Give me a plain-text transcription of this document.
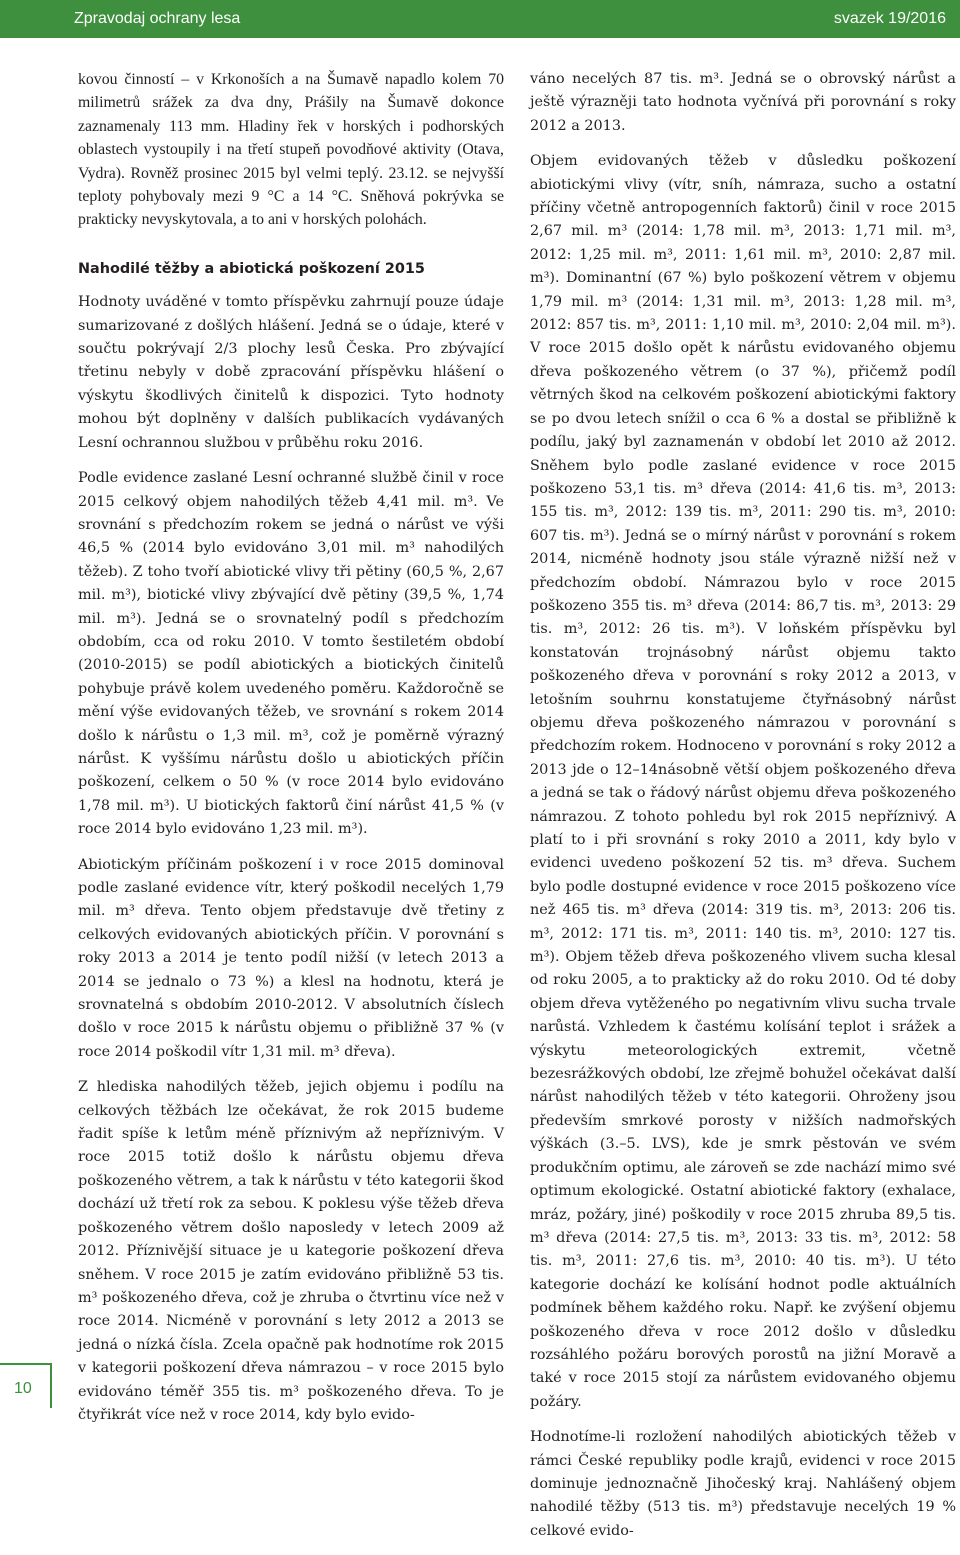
Zpravodaj ochrany lesa	svazek 19/2016

kovou činností – v Krkonoších a na Šumavě napadlo kolem 70 milimetrů srážek za dva dny, Prášily na Šumavě dokonce zaznamenaly 113 mm. Hladiny řek v horských i podhorských oblastech vystoupily i na třetí stupeň povodňové aktivity (Otava, Vydra). Rovněž prosinec 2015 byl velmi teplý. 23.12. se nejvyšší teploty pohybovaly mezi 9 °C a 14 °C. Sněhová pokrývka se prakticky nevyskytovala, a to ani v horských polohách.

Nahodilé těžby a abiotická poškození 2015

Hodnoty uváděné v tomto příspěvku zahrnují pouze údaje sumarizované z došlých hlášení. Jedná se o údaje, které v součtu pokrývají 2/3 plochy lesů Česka. Pro zbývající třetinu nebyly v době zpracování příspěvku hlášení o výskytu škodlivých činitelů k dispozici. Tyto hodnoty mohou být doplněny v dalších publikacích vydávaných Lesní ochrannou službou v průběhu roku 2016.

Podle evidence zaslané Lesní ochranné službě činil v roce 2015 celkový objem nahodilých těžeb 4,41 mil. m³. Ve srovnání s předchozím rokem se jedná o nárůst ve výši 46,5 % (2014 bylo evidováno 3,01 mil. m³ nahodilých těžeb). Z toho tvoří abiotické vlivy tři pětiny (60,5 %, 2,67 mil. m³), biotické vlivy zbývající dvě pětiny (39,5 %, 1,74 mil. m³). Jedná se o srovnatelný podíl s předchozím obdobím, cca od roku 2010. V tomto šestiletém období (2010-2015) se podíl abiotických a biotických činitelů pohybuje právě kolem uvedeného poměru. Každoročně se mění výše evidovaných těžeb, ve srovnání s rokem 2014 došlo k nárůstu o 1,3 mil. m³, což je poměrně výrazný nárůst. K vyššímu nárůstu došlo u abiotických příčin poškození, celkem o 50 % (v roce 2014 bylo evidováno 1,78 mil. m³). U biotických faktorů činí nárůst 41,5 % (v roce 2014 bylo evidováno 1,23 mil. m³).

Abiotickým příčinám poškození i v roce 2015 dominoval podle zaslané evidence vítr, který poškodil necelých 1,79 mil. m³ dřeva. Tento objem představuje dvě třetiny z celkových evidovaných abiotických příčin. V porovnání s roky 2013 a 2014 je tento podíl nižší (v letech 2013 a 2014 se jednalo o 73 %) a klesl na hodnotu, která je srovnatelná s obdobím 2010-2012. V absolutních číslech došlo v roce 2015 k nárůstu objemu o přibližně 37 % (v roce 2014 poškodil vítr 1,31 mil. m³ dřeva).

Z hlediska nahodilých těžeb, jejich objemu i podílu na celkových těžbách lze očekávat, že rok 2015 budeme řadit spíše k letům méně příznivým až nepříznivým. V roce 2015 totiž došlo k nárůstu objemu dřeva poškozeného větrem, a tak k nárůstu v této kategorii škod dochází už třetí rok za sebou. K poklesu výše těžeb dřeva poškozeného větrem došlo naposledy v letech 2009 až 2012. Příznivější situace je u kategorie poškození dřeva sněhem. V roce 2015 je zatím evidováno přibližně 53 tis. m³ poškozeného dřeva, což je zhruba o čtvrtinu více než v roce 2014. Nicméně v porovnání s lety 2012 a 2013 se jedná o nízká čísla. Zcela opačně pak hodnotíme rok 2015 v kategorii poškození dřeva námrazou – v roce 2015 bylo evidováno téměř 355 tis. m³ poškozeného dřeva. To je čtyřikrát více než v roce 2014, kdy bylo evido-

váno necelých 87 tis. m³. Jedná se o obrovský nárůst a ještě výrazněji tato hodnota vyčnívá při porovnání s roky 2012 a 2013.

Objem evidovaných těžeb v důsledku poškození abiotickými vlivy (vítr, sníh, námraza, sucho a ostatní příčiny včetně antropogenních faktorů) činil v roce 2015 2,67 mil. m³ (2014: 1,78 mil. m³, 2013: 1,71 mil. m³, 2012: 1,25 mil. m³, 2011: 1,61 mil. m³, 2010: 2,87 mil. m³). Dominantní (67 %) bylo poškození větrem v objemu 1,79 mil. m³ (2014: 1,31 mil. m³, 2013: 1,28 mil. m³, 2012: 857 tis. m³, 2011: 1,10 mil. m³, 2010: 2,04 mil. m³). V roce 2015 došlo opět k nárůstu evidovaného objemu dřeva poškozeného větrem (o 37 %), přičemž podíl větrných škod na celkovém poškození abiotickými faktory se po dvou letech snížil o cca 6 % a dostal se přibližně k podílu, jaký byl zaznamenán v období let 2010 až 2012. Sněhem bylo podle zaslané evidence v roce 2015 poškozeno 53,1 tis. m³ dřeva (2014: 41,6 tis. m³, 2013: 155 tis. m³, 2012: 139 tis. m³, 2011: 290 tis. m³, 2010: 607 tis. m³). Jedná se o mírný nárůst v porovnání s rokem 2014, nicméně hodnoty jsou stále výrazně nižší než v předchozím období. Námrazou bylo v roce 2015 poškozeno 355 tis. m³ dřeva (2014: 86,7 tis. m³, 2013: 29 tis. m³, 2012: 26 tis. m³). V loňském příspěvku byl konstatován trojnásobný nárůst objemu takto poškozeného dřeva v porovnání s roky 2012 a 2013, v letošním souhrnu konstatujeme čtyřnásobný nárůst objemu dřeva poškozeného námrazou v porovnání s předchozím rokem. Hodnoceno v porovnání s roky 2012 a 2013 jde o 12–14násobně větší objem poškozeného dřeva a jedná se tak o řádový nárůst objemu dřeva poškozeného námrazou. Z tohoto pohledu byl rok 2015 nepříznivý. A platí to i při srovnání s roky 2010 a 2011, kdy bylo v evidenci uvedeno poškození 52 tis. m³ dřeva. Suchem bylo podle dostupné evidence v roce 2015 poškozeno více než 465 tis. m³ dřeva (2014: 319 tis. m³, 2013: 206 tis. m³, 2012: 171 tis. m³, 2011: 140 tis. m³, 2010: 127 tis. m³). Objem těžeb dřeva poškozeného vlivem sucha klesal od roku 2005, a to prakticky až do roku 2010. Od té doby objem dřeva vytěženého po negativním vlivu sucha trvale narůstá. Vzhledem k častému kolísání teplot i srážek a výskytu meteorologických extremit, včetně bezesrážkových období, lze zřejmě bohužel očekávat další nárůst nahodilých těžeb v této kategorii. Ohroženy jsou především smrkové porosty v nižších nadmořských výškách (3.–5. LVS), kde je smrk pěstován ve svém produkčním optimu, ale zároveň se zde nachází mimo své optimum ekologické. Ostatní abiotické faktory (exhalace, mráz, požáry, jiné) poškodily v roce 2015 zhruba 89,5 tis. m³ dřeva (2014: 27,5 tis. m³, 2013: 33 tis. m³, 2012: 58 tis. m³, 2011: 27,6 tis. m³, 2010: 40 tis. m³). U této kategorie dochází ke kolísání hodnot podle aktuálních podmínek během každého roku. Např. ke zvýšení objemu poškozeného dřeva v roce 2012 došlo v důsledku rozsáhlého požáru borových porostů na jižní Moravě a také v roce 2015 stojí za nárůstem evidovaného objemu požáry.

Hodnotíme-li rozložení nahodilých abiotických těžeb v rámci České republiky podle krajů, evidenci v roce 2015 dominuje jednoznačně Jihočeský kraj. Nahlášený objem nahodilé těžby (513 tis. m³) představuje necelých 19 % celkové evido-

10
